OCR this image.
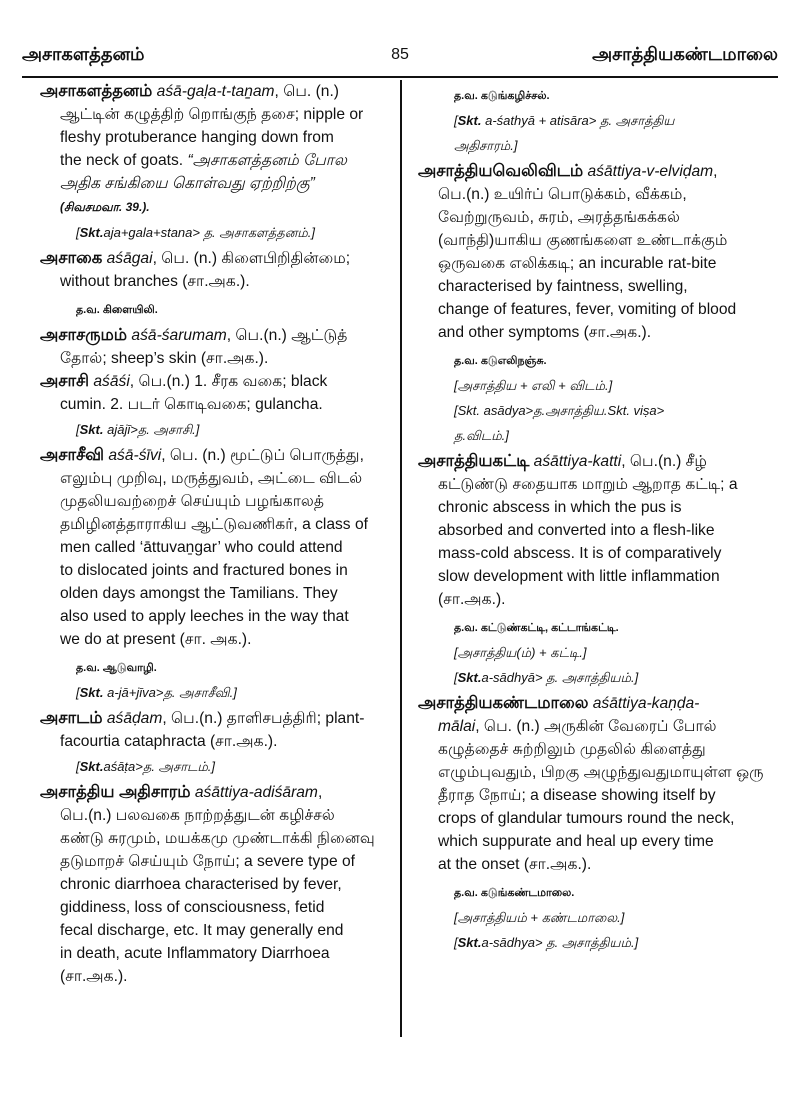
அசாகளத்தனம்	85	அசாத்தியகண்டமாலை
அசாகளத்தனம் aśā-gaḷa-t-taṉam, பெ. (n.)
ஆட்டின் கழுத்திற் றொங்குந் தசை; nipple or
fleshy protuberance hanging down from
the neck of goats. “அசாகளத்தனம் போல
அதிக சங்கியை கொள்வது ஏற்றிற்கு”
(சிவசமவா. 39.).
[Skt.aja+gala+stana> த. அசாகளத்தனம்.]
அசாகை aśāgai, பெ. (n.) கிளைபிறிதின்மை;
without branches (சா.அக.).
த.வ. கிளையிலி.
அசாசருமம் aśā-śarumam, பெ.(n.) ஆட்டுத்
தோல்; sheep’s skin (சா.அக.).
அசாசி aśāśi, பெ.(n.) 1. சீரக வகை; black
cumin. 2. படர் கொடிவகை; gulancha.
[Skt. ajājī>த. அசாசி.]
அசாசீவி aśā-śīvi, பெ. (n.) மூட்டுப் பொருத்து,
எலும்பு முறிவு, மருத்துவம், அட்டை விடல்
முதலியவற்றைச் செய்யும் பழங்காலத்
தமிழினத்தாராகிய ஆட்டுவணிகர், a class of
men called ‘āttuvaṉgar’ who could attend
to dislocated joints and fractured bones in
olden days amongst the Tamilians. They
also used to apply leeches in the way that
we do at present (சா. அக.).
த.வ. ஆடுவாழி.
[Skt. a-jā+jīva>த. அசாசீவி.]
அசாடம் aśāḍam, பெ.(n.) தாளிசபத்திரி; plant-
facourtia cataphracta (சா.அக.).
[Skt.aśāṭa>த. அசாடம்.]
அசாத்திய அதிசாரம் aśāttiya-adiśāram,
பெ.(n.) பலவகை நாற்றத்துடன் கழிச்சல்
கண்டு சுரமும், மயக்கமு முண்டாக்கி நினைவு
தடுமாறச் செய்யும் நோய்; a severe type of
chronic diarrhoea characterised by fever,
giddiness, loss of consciousness, fetid
fecal discharge, etc. It may generally end
in death, acute Inflammatory Diarrhoea
(சா.அக.).
த.வ. கடுங்கழிச்சல்.
[Skt. a-śathyā + atisāra> த. அசாத்திய
அதிசாரம்.]
அசாத்தியவெலிவிடம் aśāttiya-v-elviḍam,
பெ.(n.) உயிர்ப் பொடுக்கம், வீக்கம்,
வேற்றுருவம், சுரம், அரத்தங்கக்கல்
(வாந்தி)யாகிய குணங்களை உண்டாக்கும்
ஒருவகை எலிக்கடி; an incurable rat-bite
characterised by faintness, swelling,
change of features, fever, vomiting of blood
and other symptoms (சா.அக.).
த.வ. கடுஎலிநஞ்சு.
[அசாத்திய + எலி + விடம்.]
[Skt. asādya>த.அசாத்திய.Skt. viṣa>
த.விடம்.]
அசாத்தியகட்டி aśāttiya-katti, பெ.(n.) சீழ்
கட்டுண்டு சதையாக மாறும் ஆறாத கட்டி; a
chronic abscess in which the pus is
absorbed and converted into a flesh-like
mass-cold abscess. It is of comparatively
slow development with little inflammation
(சா.அக.).
த.வ. கட்டுண்கட்டி, கட்டாங்கட்டி.
[அசாத்திய(ம்) + கட்டி.]
[Skt.a-sādhyā> த. அசாத்தியம்.]
அசாத்தியகண்டமாலை aśāttiya-kaṇḍa-
mālai, பெ. (n.) அருகின் வேரைப் போல்
கழுத்தைச் சுற்றிலும் முதலில் கிளைத்து
எழும்புவதும், பிறகு அழுந்துவதுமாயுள்ள ஒரு
தீராத நோய்; a disease showing itself by
crops of glandular tumours round the neck,
which suppurate and heal up every time
at the onset (சா.அக.).
த.வ. கடுங்கண்டமாலை.
[அசாத்தியம் + கண்டமாலை.]
[Skt.a-sādhya> த. அசாத்தியம்.]
